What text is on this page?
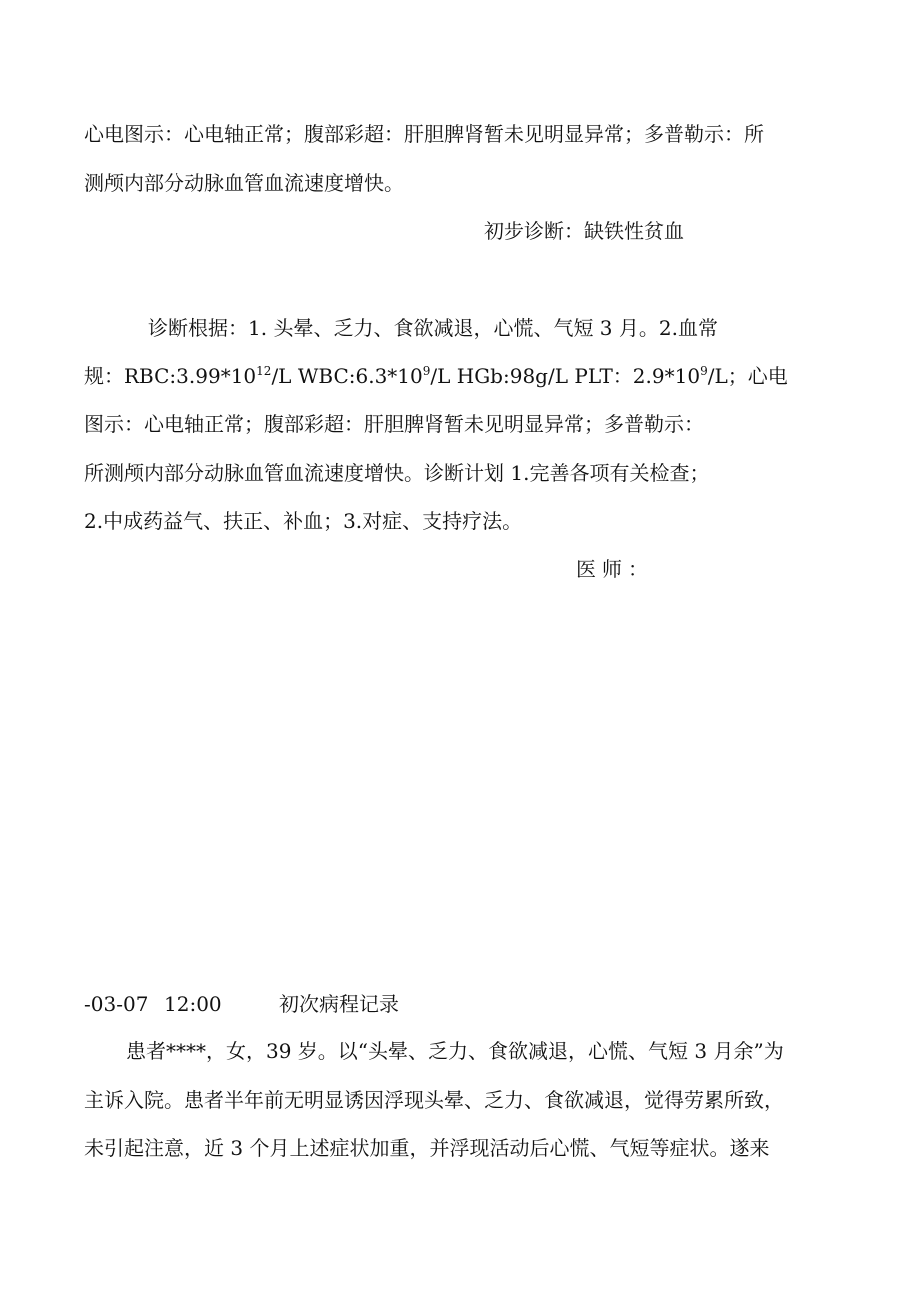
心电图示：心电轴正常；腹部彩超：肝胆脾肾暂未见明显异常；多普勒示：所
测颅内部分动脉血管血流速度增快。
初步诊断：缺铁性贫血
诊断根据：1. 头晕、乏力、食欲减退，心慌、气短 3 月。2.血常
规：$RBC:3.99*10^{12}/L$ $WBC:6.3*10^9/L$ HGb:98g/L PLT：$2.9*10^9/L$；心电
图示：心电轴正常；腹部彩超：肝胆脾肾暂未见明显异常；多普勒示：
所测颅内部分动脉血管血流速度增快。诊断计划 1.完善各项有关检查；
2.中成药益气、扶正、补血；3.对症、支持疗法。
医师：
-03-07 12:00	初次病程记录
患者****，女，39 岁。以“头晕、乏力、食欲减退，心慌、气短 3 月余”为
主诉入院。患者半年前无明显诱因浮现头晕、乏力、食欲减退，觉得劳累所致，
未引起注意，近 3 个月上述症状加重，并浮现活动后心慌、气短等症状。遂来
